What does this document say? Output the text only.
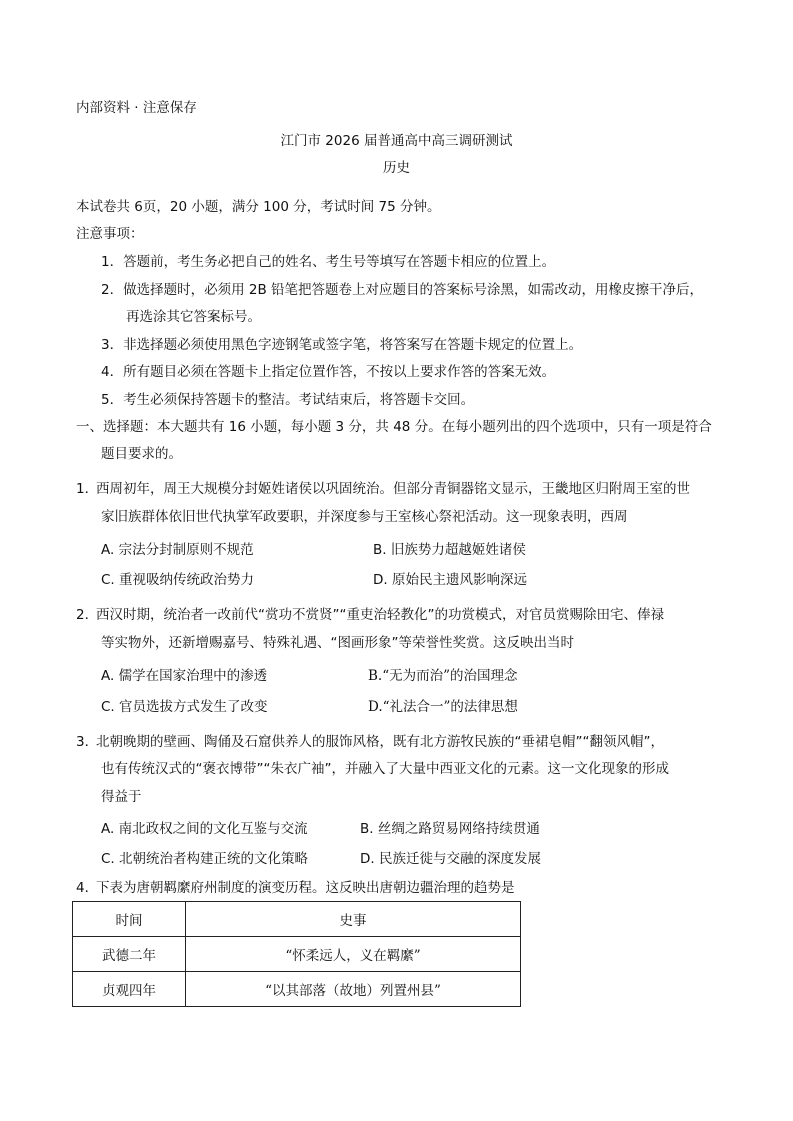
内部资料 · 注意保存
江门市 2026 届普通高中高三调研测试
历史
本试卷共 6页，20 小题，满分 100 分，考试时间 75 分钟。
注意事项：
1．答题前，考生务必把自己的姓名、考生号等填写在答题卡相应的位置上。
2．做选择题时，必须用 2B 铅笔把答题卷上对应题目的答案标号涂黑，如需改动，用橡皮擦干净后，
再选涂其它答案标号。
3．非选择题必须使用黑色字迹钢笔或签字笔，将答案写在答题卡规定的位置上。
4．所有题目必须在答题卡上指定位置作答，不按以上要求作答的答案无效。
5．考生必须保持答题卡的整洁。考试结束后，将答题卡交回。
一、选择题：本大题共有 16 小题，每小题 3 分，共 48 分。在每小题列出的四个选项中，只有一项是符合
题目要求的。
1．
西周初年，周王大规模分封姬姓诸侯以巩固统治。但部分青铜器铭文显示，王畿地区归附周王室的世
家旧族群体依旧世代执掌军政要职，并深度参与王室核心祭祀活动。这一现象表明，西周
A. 宗法分封制原则不规范	B. 旧族势力超越姬姓诸侯
C. 重视吸纳传统政治势力	D. 原始民主遗风影响深远
2．
西汉时期，统治者一改前代“赏功不赏贤”“重吏治轻教化”的功赏模式，对官员赏赐除田宅、俸禄
等实物外，还新增赐嘉号、特殊礼遇、“图画形象”等荣誉性奖赏。这反映出当时
A. 儒学在国家治理中的渗透	B.“无为而治”的治国理念
C. 官员选拔方式发生了改变	D.“礼法合一”的法律思想
3．
北朝晚期的壁画、陶俑及石窟供养人的服饰风格，既有北方游牧民族的“垂裙皂帽”“翻领风帽”，
也有传统汉式的“褒衣博带”“朱衣广袖”，并融入了大量中西亚文化的元素。这一文化现象的形成
得益于
A. 南北政权之间的文化互鉴与交流	B. 丝绸之路贸易网络持续贯通
C. 北朝统治者构建正统的文化策略	D. 民族迁徙与交融的深度发展
4．
下表为唐朝羁縻府州制度的演变历程。这反映出唐朝边疆治理的趋势是
时间	史事
武德二年	“怀柔远人，义在羁縻”
贞观四年	“以其部落（故地）列置州县”
